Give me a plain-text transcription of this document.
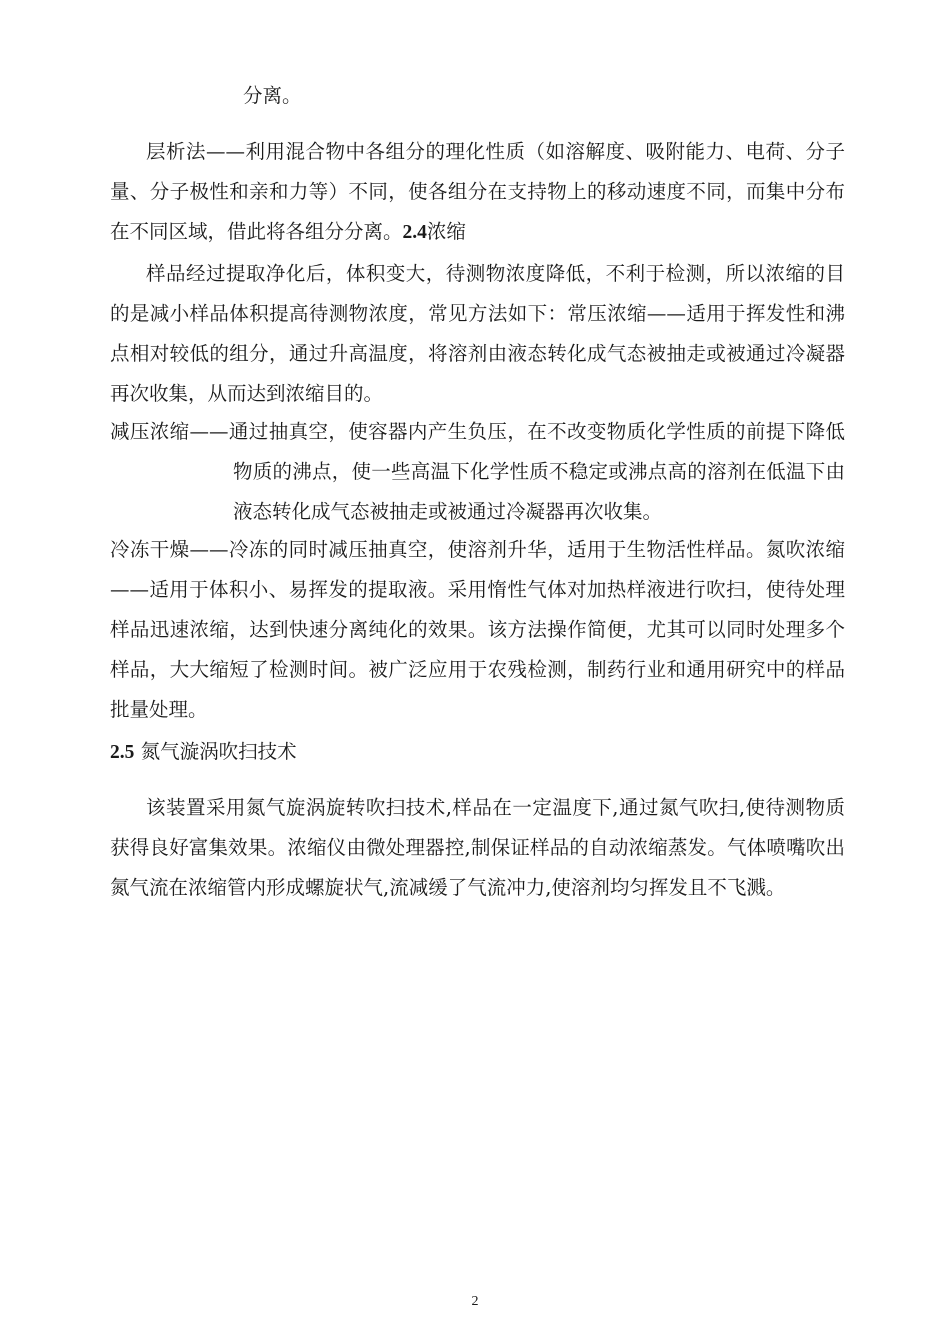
分离。

层析法——利用混合物中各组分的理化性质（如溶解度、吸附能力、电荷、分子量、分子极性和亲和力等）不同，使各组分在支持物上的移动速度不同，而集中分布在不同区域，借此将各组分分离。2.4浓缩

样品经过提取净化后，体积变大，待测物浓度降低，不利于检测，所以浓缩的目的是减小样品体积提高待测物浓度，常见方法如下：常压浓缩——适用于挥发性和沸点相对较低的组分，通过升高温度，将溶剂由液态转化成气态被抽走或被通过冷凝器再次收集，从而达到浓缩目的。

减压浓缩——通过抽真空，使容器内产生负压，在不改变物质化学性质的前提下降低物质的沸点，使一些高温下化学性质不稳定或沸点高的溶剂在低温下由液态转化成气态被抽走或被通过冷凝器再次收集。

冷冻干燥——冷冻的同时减压抽真空，使溶剂升华，适用于生物活性样品。氮吹浓缩——适用于体积小、易挥发的提取液。采用惰性气体对加热样液进行吹扫，使待处理样品迅速浓缩，达到快速分离纯化的效果。该方法操作简便，尤其可以同时处理多个样品，大大缩短了检测时间。被广泛应用于农残检测，制药行业和通用研究中的样品批量处理。

2.5 氮气漩涡吹扫技术

该装置采用氮气旋涡旋转吹扫技术,样品在一定温度下,通过氮气吹扫,使待测物质获得良好富集效果。浓缩仪由微处理器控,制保证样品的自动浓缩蒸发。气体喷嘴吹出氮气流在浓缩管内形成螺旋状气,流减缓了气流冲力,使溶剂均匀挥发且不飞溅。

2
